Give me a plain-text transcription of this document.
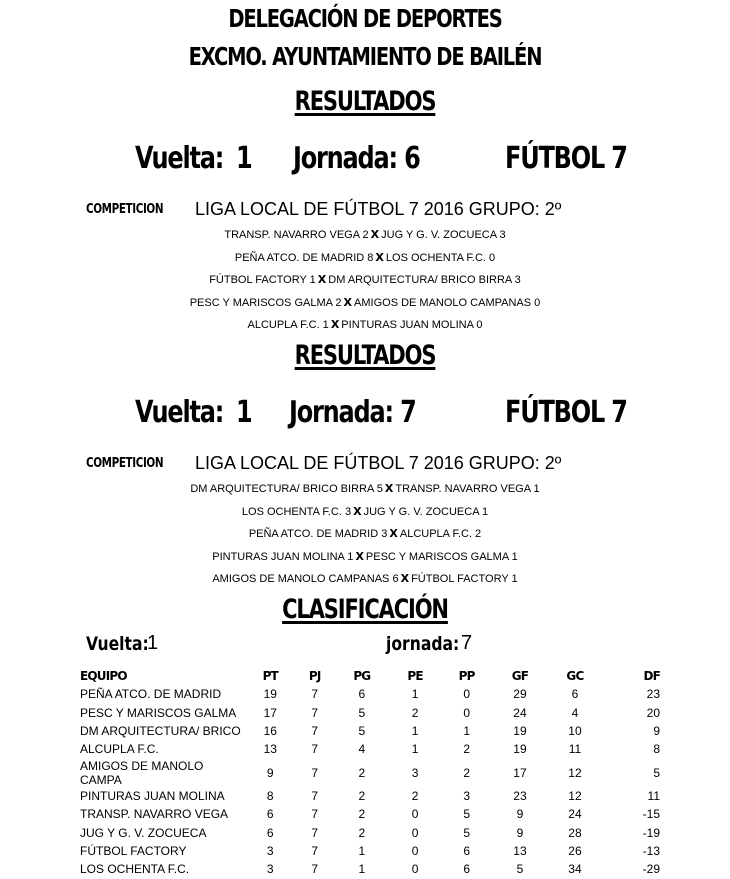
DELEGACIÓN DE DEPORTES
EXCMO. AYUNTAMIENTO DE BAILÉN
RESULTADOS
Vuelta: 1 Jornada: 6	FÚTBOL 7
COMPETICION LIGA LOCAL DE FÚTBOL 7 2016 GRUPO: 2º
TRANSP. NAVARRO VEGA 2 X JUG Y G. V. ZOCUECA 3
PEÑA ATCO. DE MADRID 8 X LOS OCHENTA F.C. 0
FÚTBOL FACTORY 1 X DM ARQUITECTURA/ BRICO BIRRA 3
PESC Y MARISCOS GALMA 2 X AMIGOS DE MANOLO CAMPANAS 0
ALCUPLA F.C. 1 X PINTURAS JUAN MOLINA 0
RESULTADOS
Vuelta: 1 Jornada: 7	FÚTBOL 7
COMPETICION LIGA LOCAL DE FÚTBOL 7 2016 GRUPO: 2º
DM ARQUITECTURA/ BRICO BIRRA 5 X TRANSP. NAVARRO VEGA 1
LOS OCHENTA F.C. 3 X JUG Y G. V. ZOCUECA 1
PEÑA ATCO. DE MADRID 3 X ALCUPLA F.C. 2
PINTURAS JUAN MOLINA 1 X PESC Y MARISCOS GALMA 1
AMIGOS DE MANOLO CAMPANAS 6 X FÚTBOL FACTORY 1
CLASIFICACIÓN
Vuelta:
1	jornada: 7
EQUIPO	PT	PJ	PG	PE	PP	GF	GC	DF
PEÑA ATCO. DE MADRID	19	7	6	1	0	29	6	23
PESC Y MARISCOS GALMA	17	7	5	2	0	24	4	20
DM ARQUITECTURA/ BRICO	16	7	5	1	1	19	10	9
ALCUPLA F.C.	13	7	4	1	2	19	11	8
AMIGOS DE MANOLO CAMPA	9	7	2	3	2	17	12	5
PINTURAS JUAN MOLINA	8	7	2	2	3	23	12	11
TRANSP. NAVARRO VEGA	6	7	2	0	5	9	24	-15
JUG Y G. V. ZOCUECA	6	7	2	0	5	9	28	-19
FÚTBOL FACTORY	3	7	1	0	6	13	26	-13
LOS OCHENTA F.C.	3	7	1	0	6	5	34	-29
